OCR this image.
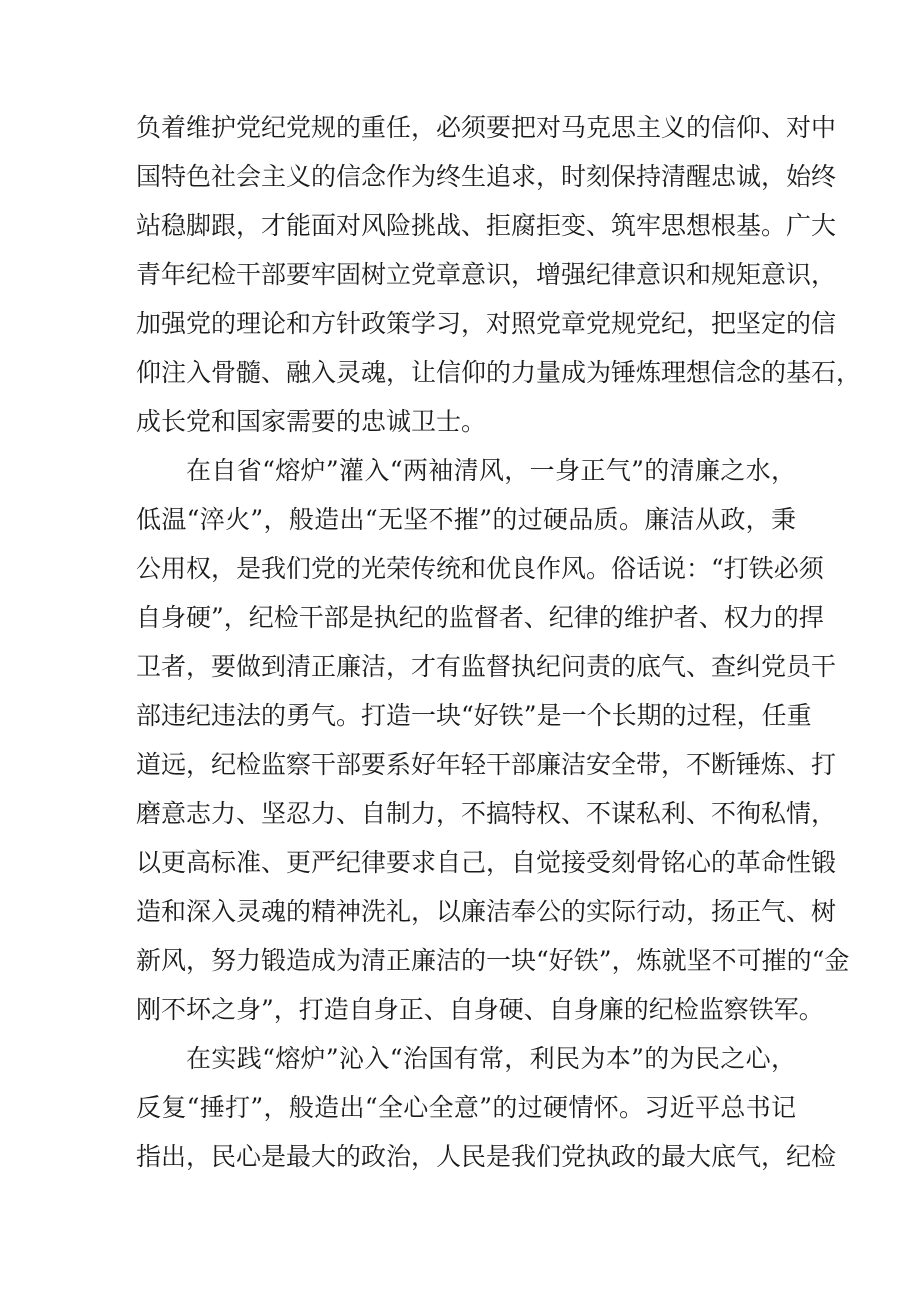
负着维护党纪党规的重任，必须要把对马克思主义的信仰、对中
国特色社会主义的信念作为终生追求，时刻保持清醒忠诚，始终
站稳脚跟，才能面对风险挑战、拒腐拒变、筑牢思想根基。广大
青年纪检干部要牢固树立党章意识，增强纪律意识和规矩意识，
加强党的理论和方针政策学习，对照党章党规党纪，把坚定的信
仰注入骨髓、融入灵魂，让信仰的力量成为锤炼理想信念的基石，
成长党和国家需要的忠诚卫士。
在自省“熔炉”灌入“两袖清风，一身正气”的清廉之水，
低温“淬火”，般造出“无坚不摧”的过硬品质。廉洁从政，秉
公用权，是我们党的光荣传统和优良作风。俗话说：“打铁必须
自身硬”，纪检干部是执纪的监督者、纪律的维护者、权力的捍
卫者，要做到清正廉洁，才有监督执纪问责的底气、查纠党员干
部违纪违法的勇气。打造一块“好铁”是一个长期的过程，任重
道远，纪检监察干部要系好年轻干部廉洁安全带，不断锤炼、打
磨意志力、坚忍力、自制力，不搞特权、不谋私利、不徇私情，
以更高标准、更严纪律要求自己，自觉接受刻骨铭心的革命性锻
造和深入灵魂的精神洗礼，以廉洁奉公的实际行动，扬正气、树
新风，努力锻造成为清正廉洁的一块“好铁”，炼就坚不可摧的“金
刚不坏之身”，打造自身正、自身硬、自身廉的纪检监察铁军。
在实践“熔炉”沁入“治国有常，利民为本”的为民之心，
反复“捶打”，般造出“全心全意”的过硬情怀。习近平总书记
指出，民心是最大的政治，人民是我们党执政的最大底气，纪检
